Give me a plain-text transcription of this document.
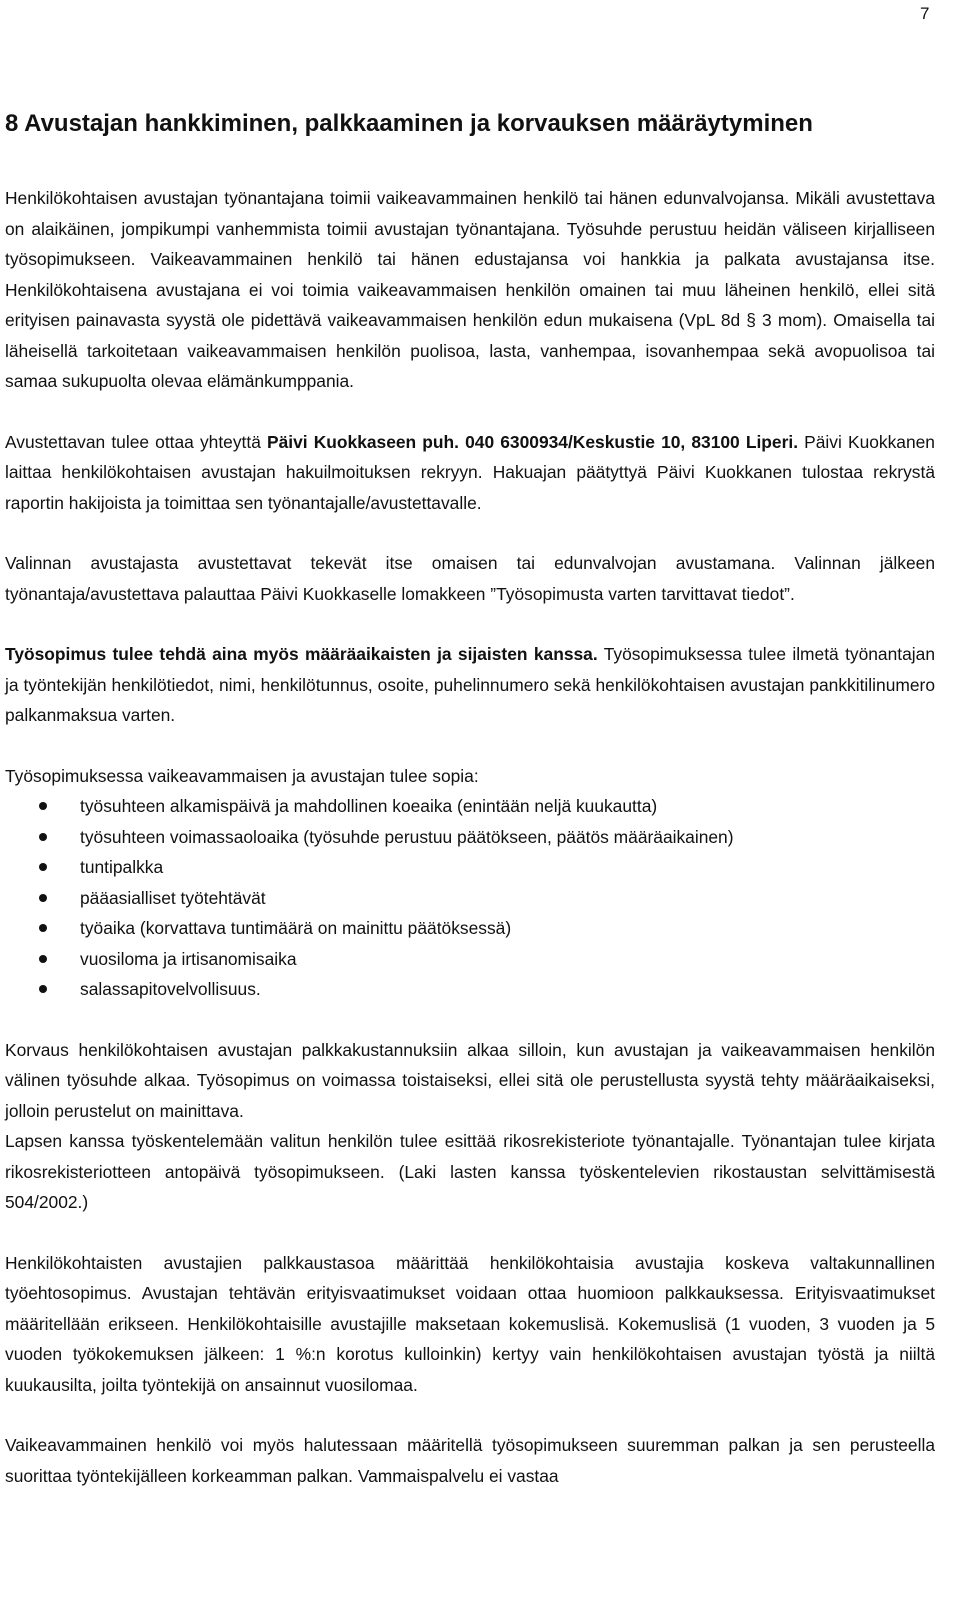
7
8 Avustajan hankkiminen, palkkaaminen ja korvauksen määräytyminen

Henkilökohtaisen avustajan työnantajana toimii vaikeavammainen henkilö tai hänen edunvalvojansa. Mikäli avustettava on alaikäinen, jompikumpi vanhemmista toimii avustajan työnantajana. Työsuhde perustuu heidän väliseen kirjalliseen työsopimukseen. Vaikeavammainen henkilö tai hänen edustajansa voi hankkia ja palkata avustajansa itse. Henkilökohtaisena avustajana ei voi toimia vaikeavammaisen henkilön omainen tai muu läheinen henkilö, ellei sitä erityisen painavasta syystä ole pidettävä vaikeavammaisen henkilön edun mukaisena (VpL 8d § 3 mom). Omaisella tai läheisellä tarkoitetaan vaikeavammaisen henkilön puolisoa, lasta, vanhempaa, isovanhempaa sekä avopuolisoa tai samaa sukupuolta olevaa elämänkumppania.

Avustettavan tulee ottaa yhteyttä Päivi Kuokkaseen puh. 040 6300934/Keskustie 10, 83100 Liperi. Päivi Kuokkanen laittaa henkilökohtaisen avustajan hakuilmoituksen rekryyn. Hakuajan päätyttyä Päivi Kuokkanen tulostaa rekrystä raportin hakijoista ja toimittaa sen työnantajalle/avustettavalle.

Valinnan avustajasta avustettavat tekevät itse omaisen tai edunvalvojan avustamana. Valinnan jälkeen työnantaja/avustettava palauttaa Päivi Kuokkaselle lomakkeen ”Työsopimusta varten tarvittavat tiedot”.

Työsopimus tulee tehdä aina myös määräaikaisten ja sijaisten kanssa. Työsopimuksessa tulee ilmetä työnantajan ja työntekijän henkilötiedot, nimi, henkilötunnus, osoite, puhelinnumero sekä henkilökohtaisen avustajan pankkitilinumero palkanmaksua varten.

Työsopimuksessa vaikeavammaisen ja avustajan tulee sopia:

työsuhteen alkamispäivä ja mahdollinen koeaika (enintään neljä kuukautta)
työsuhteen voimassaoloaika (työsuhde perustuu päätökseen, päätös määräaikainen)
tuntipalkka
pääasialliset työtehtävät
työaika (korvattava tuntimäärä on mainittu päätöksessä)
vuosiloma ja irtisanomisaika
salassapitovelvollisuus.

Korvaus henkilökohtaisen avustajan palkkakustannuksiin alkaa silloin, kun avustajan ja vaikeavammaisen henkilön välinen työsuhde alkaa. Työsopimus on voimassa toistaiseksi, ellei sitä ole perustellusta syystä tehty määräaikaiseksi, jolloin perustelut on mainittava.

Lapsen kanssa työskentelemään valitun henkilön tulee esittää rikosrekisteriote työnantajalle. Työnantajan tulee kirjata rikosrekisteriotteen antopäivä työsopimukseen. (Laki lasten kanssa työskentelevien rikostaustan selvittämisestä 504/2002.)

Henkilökohtaisten avustajien palkkaustasoa määrittää henkilökohtaisia avustajia koskeva valtakunnallinen työehtosopimus. Avustajan tehtävän erityisvaatimukset voidaan ottaa huomioon palkkauksessa. Erityisvaatimukset määritellään erikseen. Henkilökohtaisille avustajille maksetaan kokemuslisä. Kokemuslisä (1 vuoden, 3 vuoden ja 5 vuoden työkokemuksen jälkeen: 1 %:n korotus kulloinkin) kertyy vain henkilökohtaisen avustajan työstä ja niiltä kuukausilta, joilta työntekijä on ansainnut vuosilomaa.

Vaikeavammainen henkilö voi myös halutessaan määritellä työsopimukseen suuremman palkan ja sen perusteella suorittaa työntekijälleen korkeamman palkan. Vammaispalvelu ei vastaa
